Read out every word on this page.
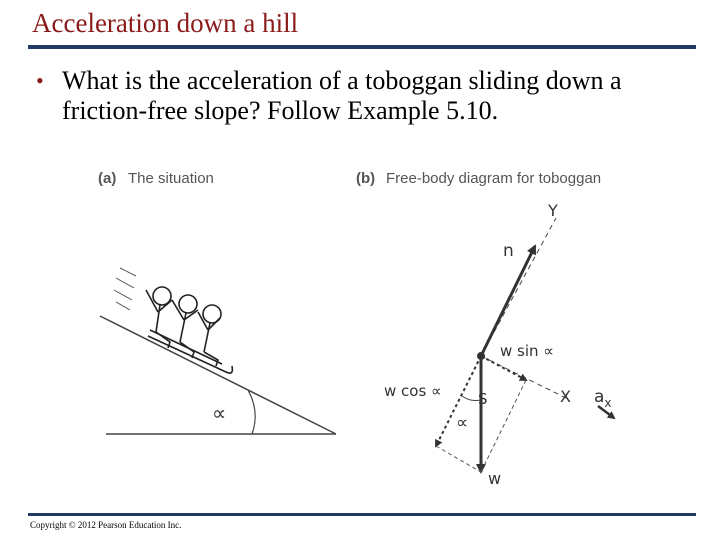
Acceleration down a hill
• What is the acceleration of a toboggan sliding down a friction-free slope? Follow Example 5.10.
(a) The situation
∝
(b) Free-body diagram for toboggan
Y
X
n
w
w sin ∝
w cos ∝
∝
S	$a_x$
Copyright © 2012 Pearson Education Inc.
